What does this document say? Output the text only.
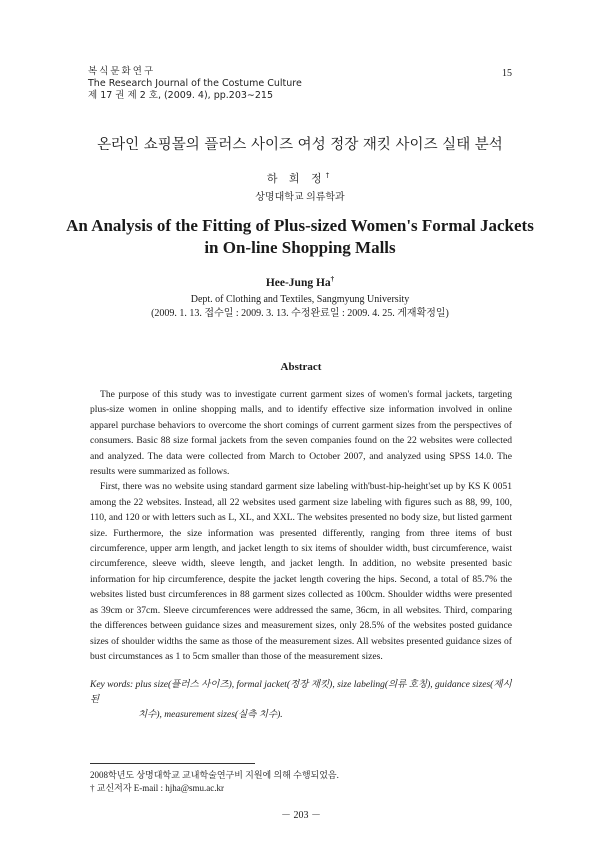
복식문화연구
The Research Journal of the Costume Culture
제 17 권 제 2 호, (2009. 4), pp.203∼215
15
온라인 쇼핑몰의 플러스 사이즈 여성 정장 재킷 사이즈 실태 분석
하 희 정†
상명대학교 의류학과
An Analysis of the Fitting of Plus-sized Women's Formal Jackets
in On-line Shopping Malls
Hee-Jung Ha†
Dept. of Clothing and Textiles, Sangmyung University
(2009. 1. 13. 접수일 : 2009. 3. 13. 수정완료일 : 2009. 4. 25. 게재확정일)
Abstract

The purpose of this study was to investigate current garment sizes of women's formal jackets, targeting plus-size women in online shopping malls, and to identify effective size information involved in online apparel purchase behaviors to overcome the short comings of current garment sizes from the perspectives of consumers. Basic 88 size formal jackets from the seven companies found on the 22 websites were collected and analyzed. The data were collected from March to October 2007, and analyzed using SPSS 14.0. The results were summarized as follows.

First, there was no website using standard garment size labeling with'bust-hip-height'set up by KS K 0051 among the 22 websites. Instead, all 22 websites used garment size labeling with figures such as 88, 99, 100, 110, and 120 or with letters such as L, XL, and XXL. The websites presented no body size, but listed garment size. Furthermore, the size information was presented differently, ranging from three items of bust circumference, upper arm length, and jacket length to six items of shoulder width, bust circumference, waist circumference, sleeve width, sleeve length, and jacket length. In addition, no website presented basic information for hip circumference, despite the jacket length covering the hips. Second, a total of 85.7% the websites listed bust circumferences in 88 garment sizes collected as 100cm. Shoulder widths were presented as 39cm or 37cm. Sleeve circumferences were addressed the same, 36cm, in all websites. Third, comparing the differences between guidance sizes and measurement sizes, only 28.5% of the websites posted guidance sizes of shoulder widths the same as those of the measurement sizes. All websites presented guidance sizes of bust circumstances as 1 to 5cm smaller than those of the measurement sizes.

Key words: plus size(플러스 사이즈), formal jacket(정장 재킷), size labeling(의류 호칭), guidance sizes(제시된
치수), measurement sizes(실측 치수).
2008학년도 상명대학교 교내학술연구비 지원에 의해 수행되었음.
† 교신저자 E-mail : hjha@smu.ac.kr
－ 203 －
